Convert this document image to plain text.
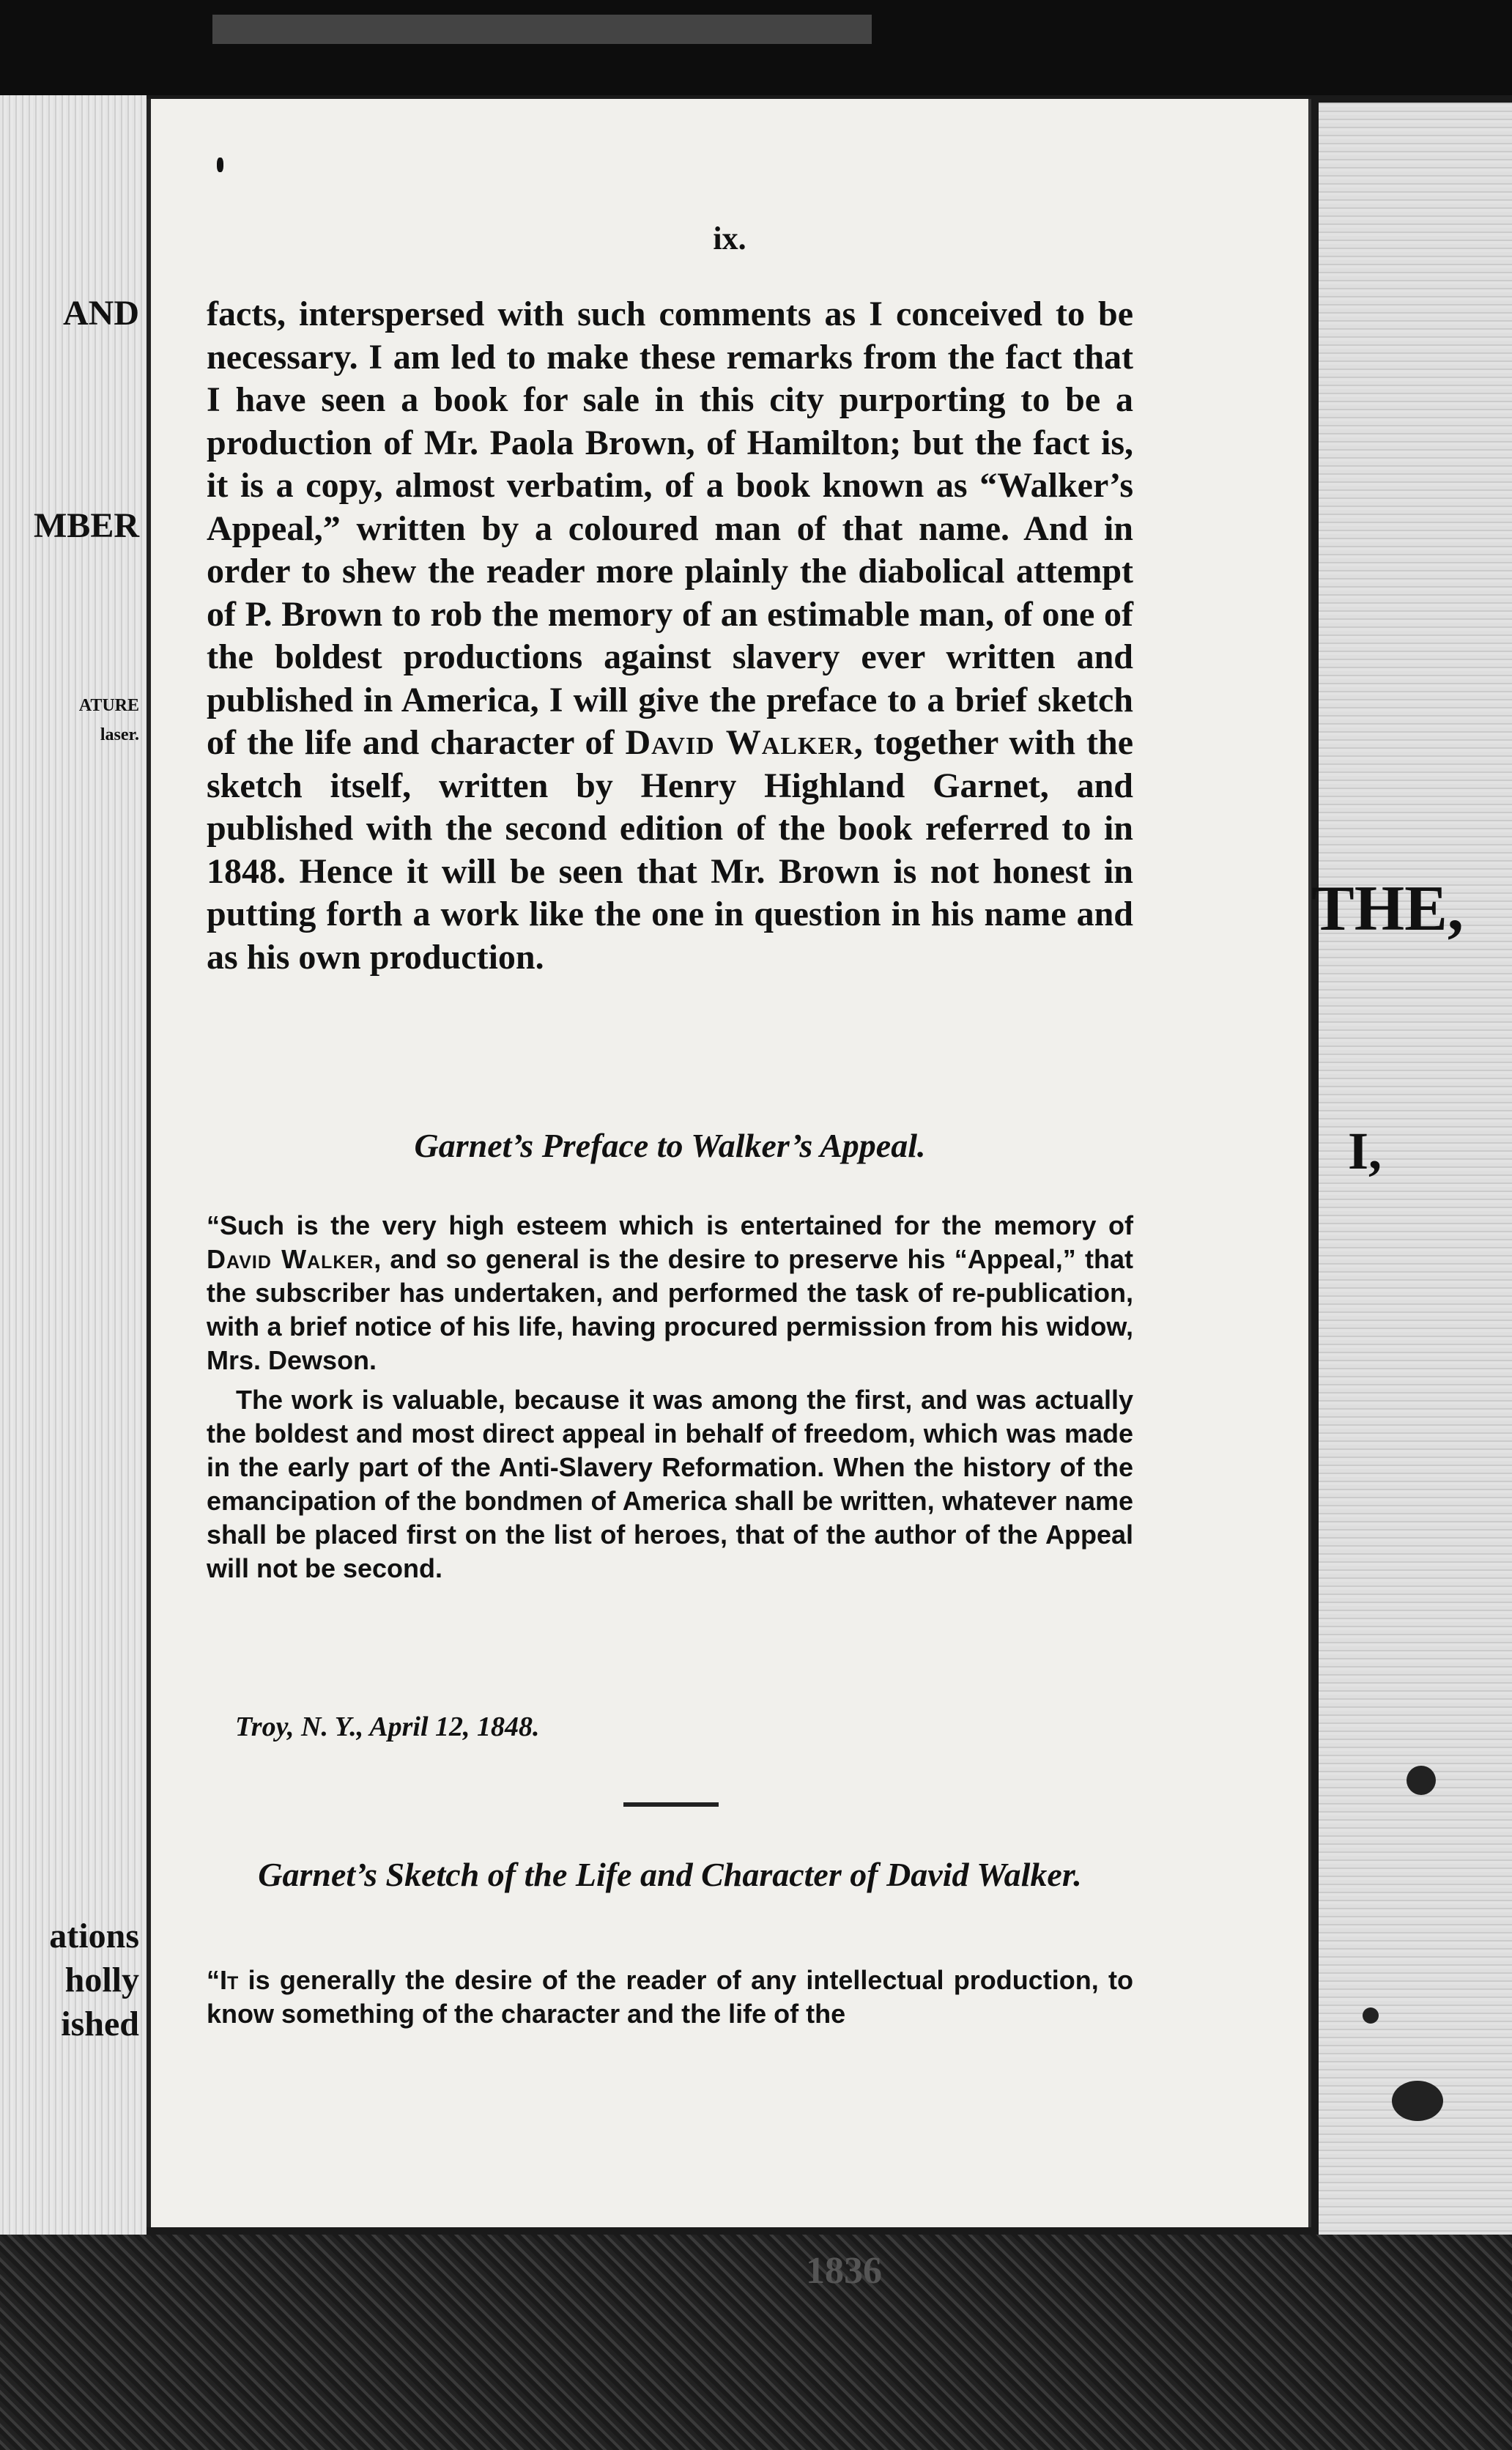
AND
MBER
ATURE
laser.
ations
holly
ished
THE,
I,
ix.

facts, interspersed with such comments as I conceived to be necessary. I am led to make these remarks from the fact that I have seen a book for sale in this city purporting to be a production of Mr. Paola Brown, of Hamilton; but the fact is, it is a copy, almost verbatim, of a book known as “Walker’s Appeal,” written by a coloured man of that name. And in order to shew the reader more plainly the diabolical attempt of P. Brown to rob the memory of an estimable man, of one of the boldest productions against slavery ever written and published in America, I will give the preface to a brief sketch of the life and character of David Walker, together with the sketch itself, written by Henry Highland Garnet, and published with the second edition of the book referred to in 1848. Hence it will be seen that Mr. Brown is not honest in putting forth a work like the one in question in his name and as his own production.

Garnet’s Preface to Walker’s Appeal.

“Such is the very high esteem which is entertained for the memory of David Walker, and so general is the desire to preserve his “Appeal,” that the subscriber has undertaken, and performed the task of re-publication, with a brief notice of his life, having procured permission from his widow, Mrs. Dewson.

The work is valuable, because it was among the first, and was actually the boldest and most direct appeal in behalf of freedom, which was made in the early part of the Anti-Slavery Reformation. When the history of the emancipation of the bondmen of America shall be written, whatever name shall be placed first on the list of heroes, that of the author of the Appeal will not be second.

Troy, N. Y., April 12, 1848.
Garnet’s Sketch of the Life and Character of David Walker.

“It is generally the desire of the reader of any intellectual production, to know something of the character and the life of the

1836
